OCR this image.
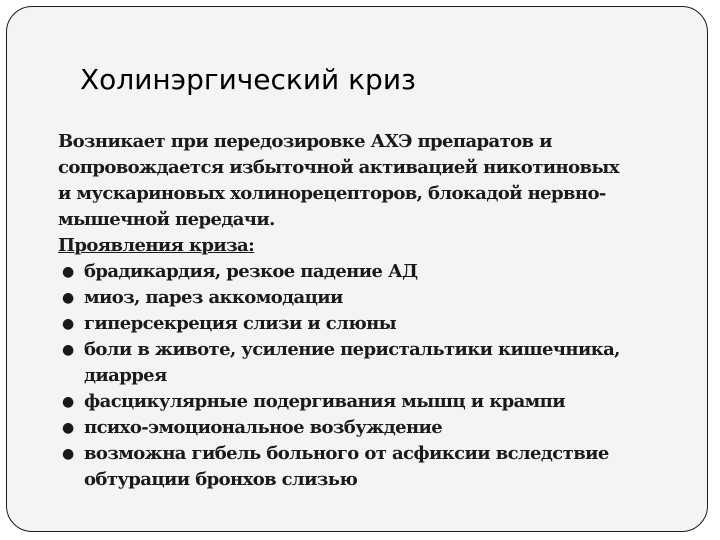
Холинэргический криз

Возникает при передозировке АХЭ препаратов и
сопровождается избыточной активацией никотиновых
и мускариновых холинорецепторов, блокадой нервно-
мышечной передачи.

Проявления криза:
● брадикардия, резкое падение АД
● миоз, парез аккомодации
● гиперсекреция слизи и слюны
● боли в животе, усиление перистальтики кишечника,
диаррея
● фасцикулярные подергивания мышц и крампи
● психо-эмоциональное возбуждение
● возможна гибель больного от асфиксии вследствие
обтурации бронхов слизью
